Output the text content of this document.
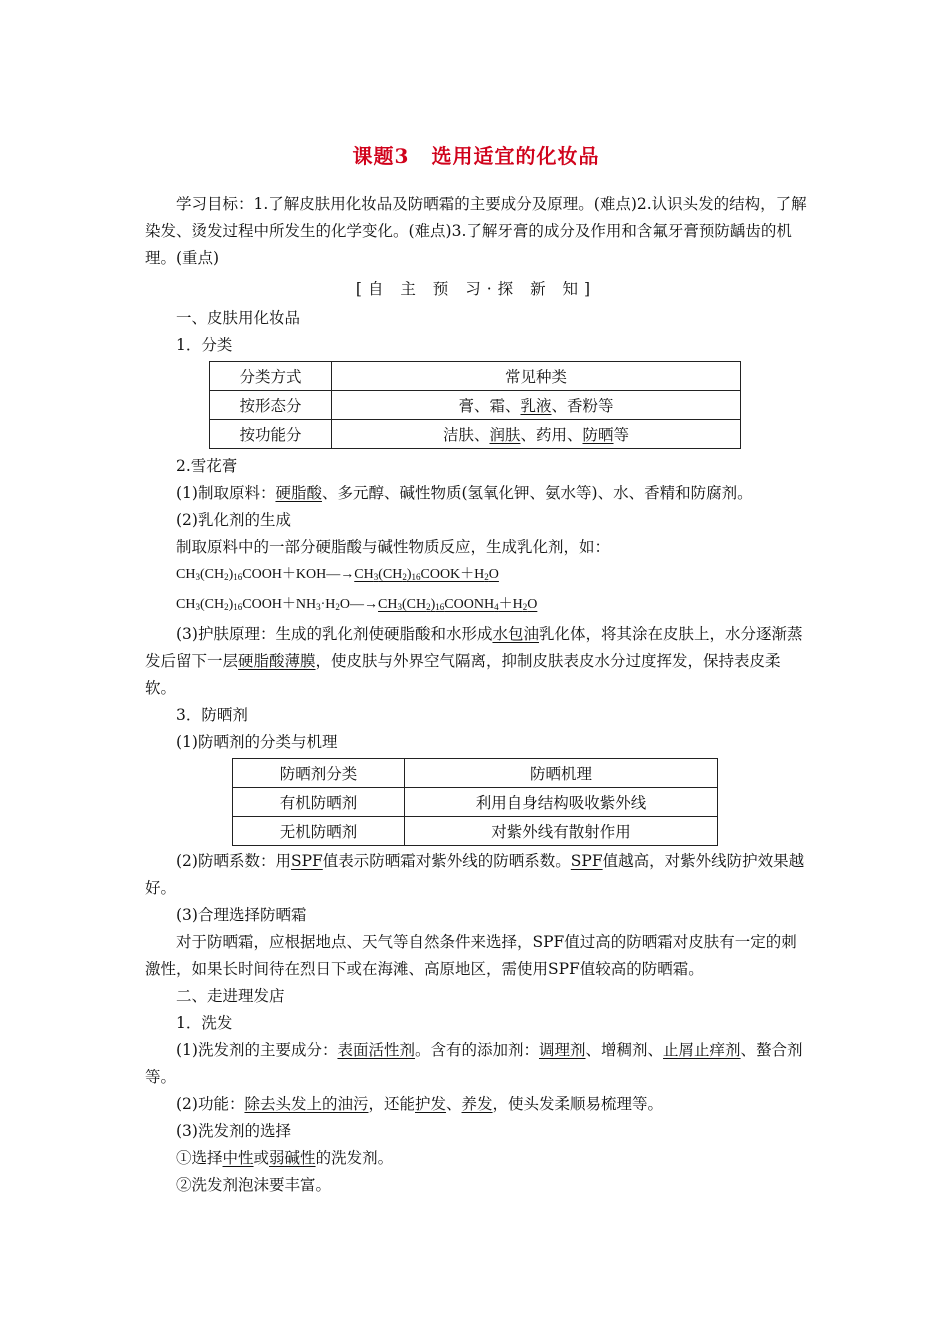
课题3 选用适宜的化妆品

学习目标：1.了解皮肤用化妆品及防晒霜的主要成分及原理。(难点)2.认识头发的结构，了解染发、烫发过程中所发生的化学变化。(难点)3.了解牙膏的成分及作用和含氟牙膏预防龋齿的机理。(重点)

[自 主 预 习·探 新 知]

一、皮肤用化妆品

1．分类

分类方式	常见种类
按形态分	膏、霜、乳液、香粉等
按功能分	洁肤、润肤、药用、防晒等

2.雪花膏

(1)制取原料：硬脂酸、多元醇、碱性物质(氢氧化钾、氨水等)、水、香精和防腐剂。

(2)乳化剂的生成

制取原料中的一部分硬脂酸与碱性物质反应，生成乳化剂，如：

$CH_3(CH_2)_{16}COOH+KOH―\to CH_3(CH_2)_{16}COOK+H_2O$

$CH_3(CH_2)_{16}COOH+NH_3\cdot H_2O―\to CH_3(CH_2)_{16}COONH_4+H_2O$

(3)护肤原理：生成的乳化剂使硬脂酸和水形成水包油乳化体，将其涂在皮肤上，水分逐渐蒸发后留下一层硬脂酸薄膜，使皮肤与外界空气隔离，抑制皮肤表皮水分过度挥发，保持表皮柔软。

3．防晒剂

(1)防晒剂的分类与机理

防晒剂分类	防晒机理
有机防晒剂	利用自身结构吸收紫外线
无机防晒剂	对紫外线有散射作用

(2)防晒系数：用SPF值表示防晒霜对紫外线的防晒系数。SPF值越高，对紫外线防护效果越好。

(3)合理选择防晒霜

对于防晒霜，应根据地点、天气等自然条件来选择，SPF值过高的防晒霜对皮肤有一定的刺激性，如果长时间待在烈日下或在海滩、高原地区，需使用SPF值较高的防晒霜。

二、走进理发店

1．洗发

(1)洗发剂的主要成分：表面活性剂。含有的添加剂：调理剂、增稠剂、止屑止痒剂、螯合剂等。

(2)功能：除去头发上的油污，还能护发、养发，使头发柔顺易梳理等。

(3)洗发剂的选择

①选择中性或弱碱性的洗发剂。

②洗发剂泡沫要丰富。
